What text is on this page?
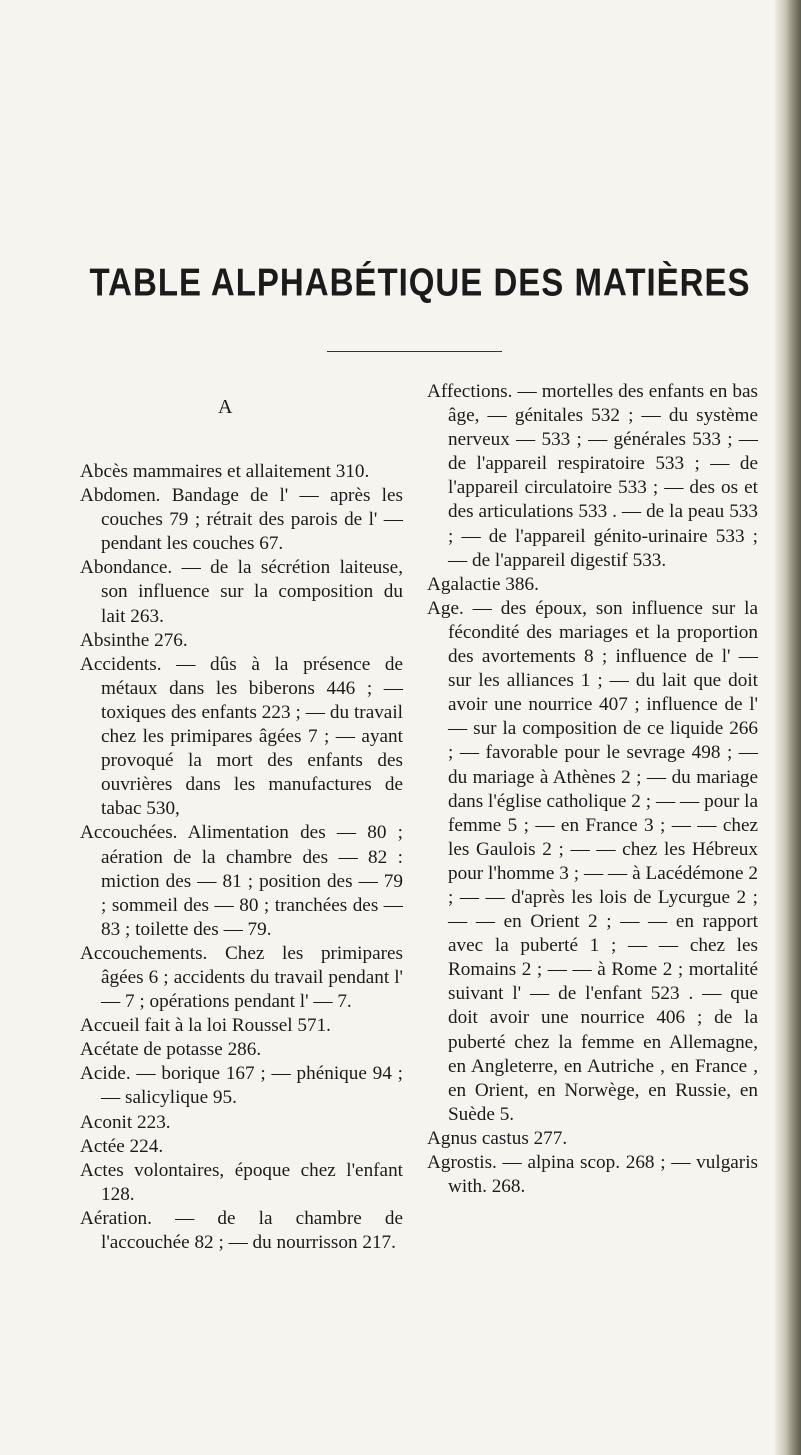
TABLE ALPHABÉTIQUE DES MATIÈRES

A

Abcès mammaires et allaitement 310.
Abdomen. Bandage de l' — après les couches 79 ; rétrait des parois de l' — pendant les couches 67.
Abondance. — de la sécrétion laiteuse, son influence sur la composition du lait 263.
Absinthe 276.
Accidents. — dûs à la présence de métaux dans les biberons 446 ; — toxiques des enfants 223 ; — du travail chez les primipares âgées 7 ; — ayant provoqué la mort des enfants des ouvrières dans les manufactures de tabac 530,
Accouchées. Alimentation des — 80 ; aération de la chambre des — 82 : miction des — 81 ; position des — 79 ; sommeil des — 80 ; tranchées des — 83 ; toilette des — 79.
Accouchements. Chez les primipares âgées 6 ; accidents du travail pendant l' — 7 ; opérations pendant l' — 7.
Accueil fait à la loi Roussel 571.
Acétate de potasse 286.
Acide. — borique 167 ; — phénique 94 ; — salicylique 95.
Aconit 223.
Actée 224.
Actes volontaires, époque chez l'enfant 128.
Aération. — de la chambre de l'accouchée 82 ; — du nourrisson 217.
Affections. — mortelles des enfants en bas âge, — génitales 532 ; — du système nerveux — 533 ; — générales 533 ; — de l'appareil respiratoire 533 ; — de l'appareil circulatoire 533 ; — des os et des articulations 533 . — de la peau 533 ; — de l'appareil génito-urinaire 533 ; — de l'appareil digestif 533.
Agalactie 386.
Age. — des époux, son influence sur la fécondité des mariages et la proportion des avortements 8 ; influence de l' — sur les alliances 1 ; — du lait que doit avoir une nourrice 407 ; influence de l' — sur la composition de ce liquide 266 ; — favorable pour le sevrage 498 ; — du mariage à Athènes 2 ; — du mariage dans l'église catholique 2 ; — — pour la femme 5 ; — en France 3 ; — — chez les Gaulois 2 ; — — chez les Hébreux pour l'homme 3 ; — — à Lacédémone 2 ; — — d'après les lois de Lycurgue 2 ; — — en Orient 2 ; — — en rapport avec la puberté 1 ; — — chez les Romains 2 ; — — à Rome 2 ; mortalité suivant l' — de l'enfant 523 . — que doit avoir une nourrice 406 ; de la puberté chez la femme en Allemagne, en Angleterre, en Autriche , en France , en Orient, en Norwège, en Russie, en Suède 5.
Agnus castus 277.
Agrostis. — alpina scop. 268 ; — vulgaris with. 268.
